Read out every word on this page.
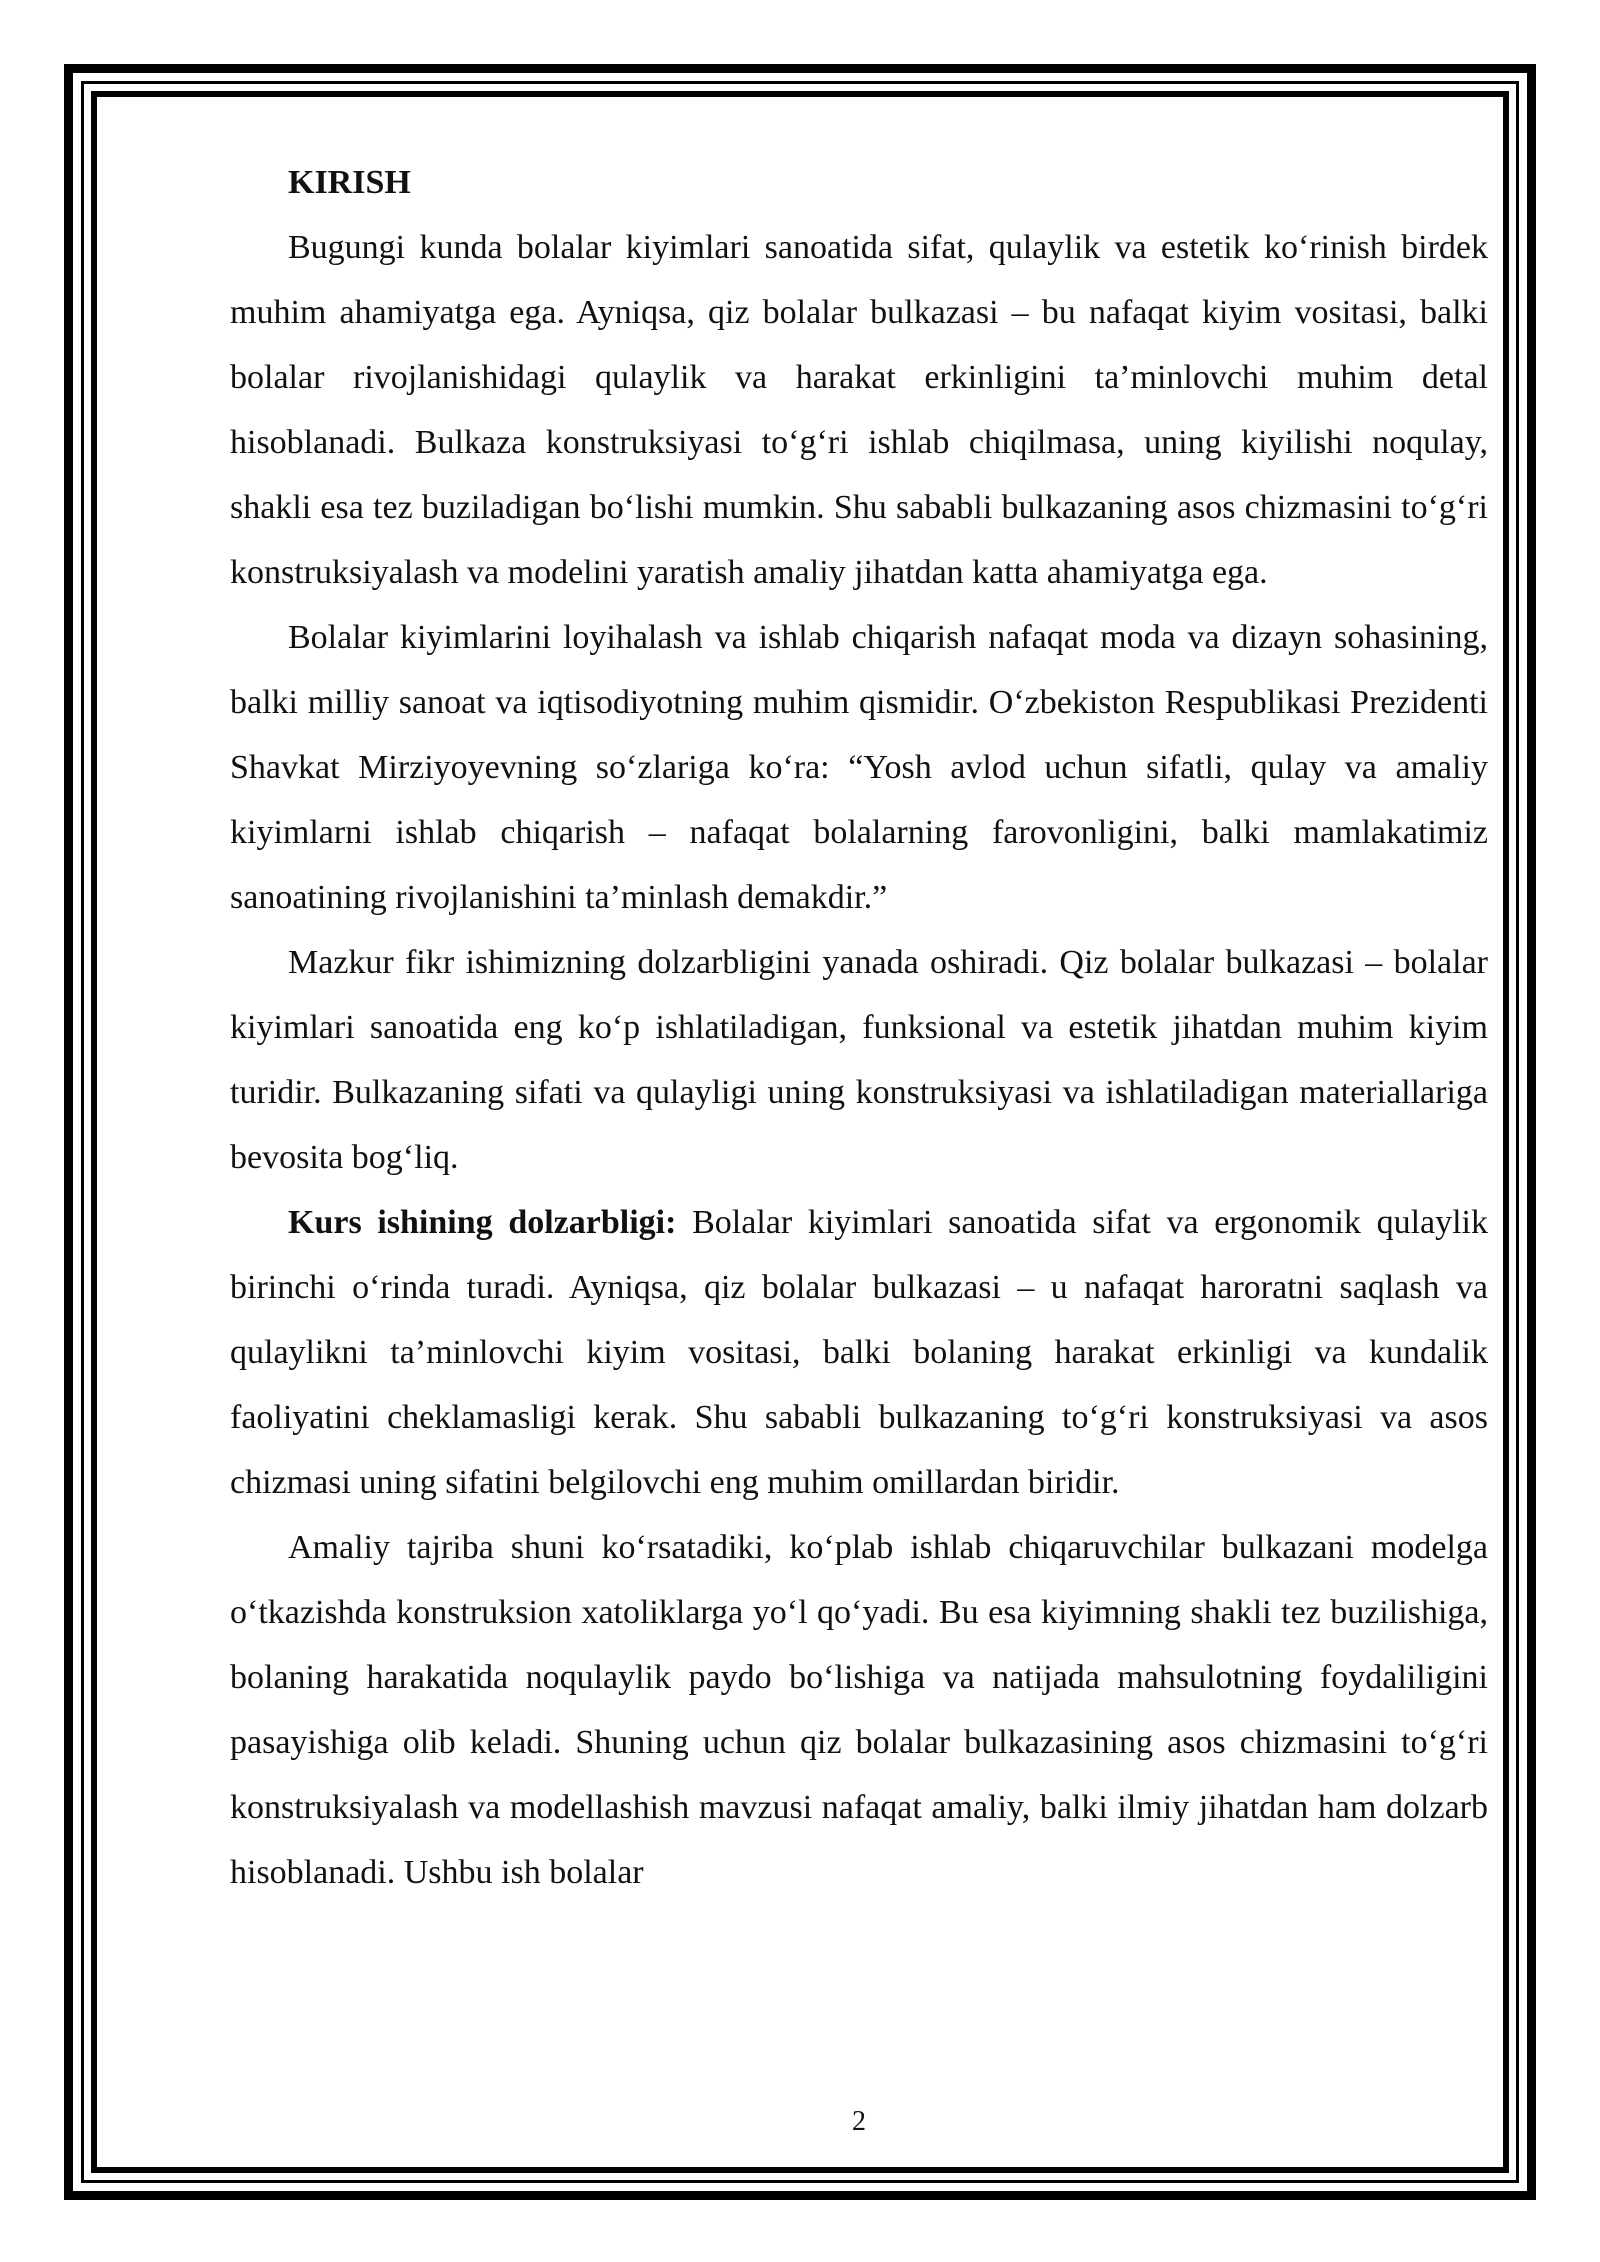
KIRISH

Bugungi kunda bolalar kiyimlari sanoatida sifat, qulaylik va estetik ko‘rinish birdek muhim ahamiyatga ega. Ayniqsa, qiz bolalar bulkazasi – bu nafaqat kiyim vositasi, balki bolalar rivojlanishidagi qulaylik va harakat erkinligini ta’minlovchi muhim detal hisoblanadi. Bulkaza konstruksiyasi to‘g‘ri ishlab chiqilmasa, uning kiyilishi noqulay, shakli esa tez buziladigan bo‘lishi mumkin. Shu sababli bulkazaning asos chizmasini to‘g‘ri konstruksiyalash va modelini yaratish amaliy jihatdan katta ahamiyatga ega.

Bolalar kiyimlarini loyihalash va ishlab chiqarish nafaqat moda va dizayn sohasining, balki milliy sanoat va iqtisodiyotning muhim qismidir. O‘zbekiston Respublikasi Prezidenti Shavkat Mirziyoyevning so‘zlariga ko‘ra: “Yosh avlod uchun sifatli, qulay va amaliy kiyimlarni ishlab chiqarish – nafaqat bolalarning farovonligini, balki mamlakatimiz sanoatining rivojlanishini ta’minlash demakdir.”

Mazkur fikr ishimizning dolzarbligini yanada oshiradi. Qiz bolalar bulkazasi – bolalar kiyimlari sanoatida eng ko‘p ishlatiladigan, funksional va estetik jihatdan muhim kiyim turidir. Bulkazaning sifati va qulayligi uning konstruksiyasi va ishlatiladigan materiallariga bevosita bog‘liq.

Kurs ishining dolzarbligi: Bolalar kiyimlari sanoatida sifat va ergonomik qulaylik birinchi o‘rinda turadi. Ayniqsa, qiz bolalar bulkazasi – u nafaqat haroratni saqlash va qulaylikni ta’minlovchi kiyim vositasi, balki bolaning harakat erkinligi va kundalik faoliyatini cheklamasligi kerak. Shu sababli bulkazaning to‘g‘ri konstruksiyasi va asos chizmasi uning sifatini belgilovchi eng muhim omillardan biridir.

Amaliy tajriba shuni ko‘rsatadiki, ko‘plab ishlab chiqaruvchilar bulkazani modelga o‘tkazishda konstruksion xatoliklarga yo‘l qo‘yadi. Bu esa kiyimning shakli tez buzilishiga, bolaning harakatida noqulaylik paydo bo‘lishiga va natijada mahsulotning foydaliligini pasayishiga olib keladi. Shuning uchun qiz bolalar bulkazasining asos chizmasini to‘g‘ri konstruksiyalash va modellashish mavzusi nafaqat amaliy, balki ilmiy jihatdan ham dolzarb hisoblanadi. Ushbu ish bolalar

2
